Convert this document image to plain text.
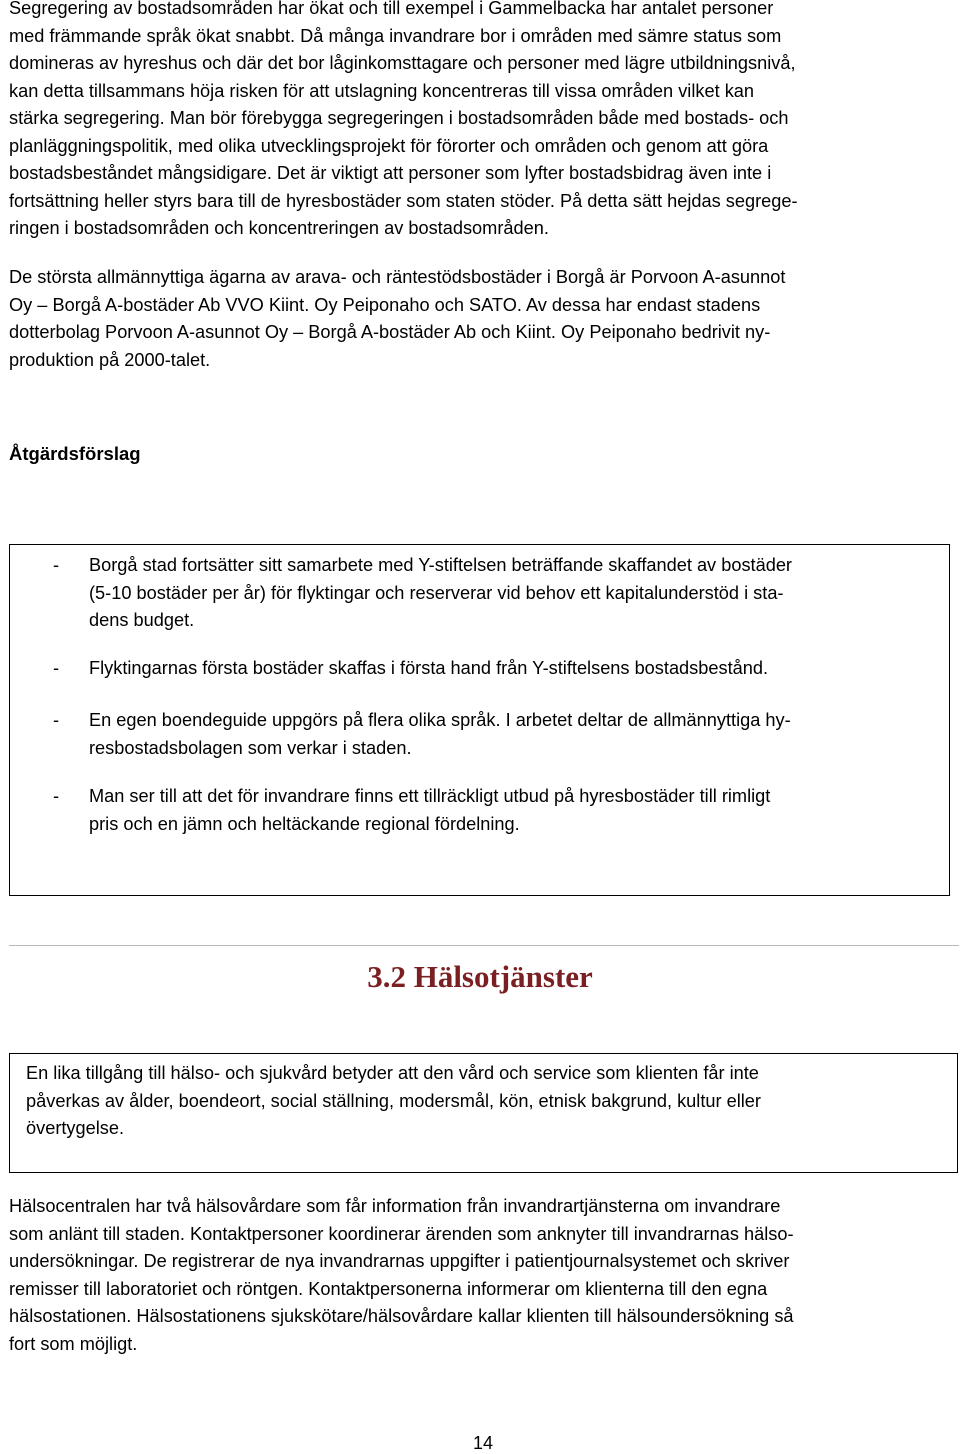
Segregering av bostadsområden har ökat och till exempel i Gammelbacka har antalet personer
med främmande språk ökat snabbt. Då många invandrare bor i områden med sämre status som
domineras av hyreshus och där det bor låginkomsttagare och personer med lägre utbildningsnivå,
kan detta tillsammans höja risken för att utslagning koncentreras till vissa områden vilket kan
stärka segregering. Man bör förebygga segregeringen i bostadsområden både med bostads- och
planläggningspolitik, med olika utvecklingsprojekt för förorter och områden och genom att göra
bostadsbeståndet mångsidigare. Det är viktigt att personer som lyfter bostadsbidrag även inte i
fortsättning heller styrs bara till de hyresbostäder som staten stöder. På detta sätt hejdas segrege-
ringen i bostadsområden och koncentreringen av bostadsområden.
De största allmännyttiga ägarna av arava- och räntestödsbostäder i Borgå är Porvoon A-asunnot
Oy – Borgå A-bostäder Ab VVO Kiint. Oy Peiponaho och SATO. Av dessa har endast stadens
dotterbolag Porvoon A-asunnot Oy – Borgå A-bostäder Ab och Kiint. Oy Peiponaho bedrivit ny-
produktion på 2000-talet.
Åtgärdsförslag
- Borgå stad fortsätter sitt samarbete med Y-stiftelsen beträffande skaffandet av bostäder
(5-10 bostäder per år) för flyktingar och reserverar vid behov ett kapitalunderstöd i sta-
dens budget.
- Flyktingarnas första bostäder skaffas i första hand från Y-stiftelsens bostadsbestånd.
- En egen boendeguide uppgörs på flera olika språk. I arbetet deltar de allmännyttiga hy-
resbostadsbolagen som verkar i staden.
- Man ser till att det för invandrare finns ett tillräckligt utbud på hyresbostäder till rimligt
pris och en jämn och heltäckande regional fördelning.
3.2 Hälsotjänster
En lika tillgång till hälso- och sjukvård betyder att den vård och service som klienten får inte
påverkas av ålder, boendeort, social ställning, modersmål, kön, etnisk bakgrund, kultur eller
övertygelse.
Hälsocentralen har två hälsovårdare som får information från invandrartjänsterna om invandrare
som anlänt till staden. Kontaktpersoner koordinerar ärenden som anknyter till invandrarnas hälso-
undersökningar. De registrerar de nya invandrarnas uppgifter i patientjournalsystemet och skriver
remisser till laboratoriet och röntgen. Kontaktpersonerna informerar om klienterna till den egna
hälsostationen. Hälsostationens sjukskötare/hälsovårdare kallar klienten till hälsoundersökning så
fort som möjligt.
14
